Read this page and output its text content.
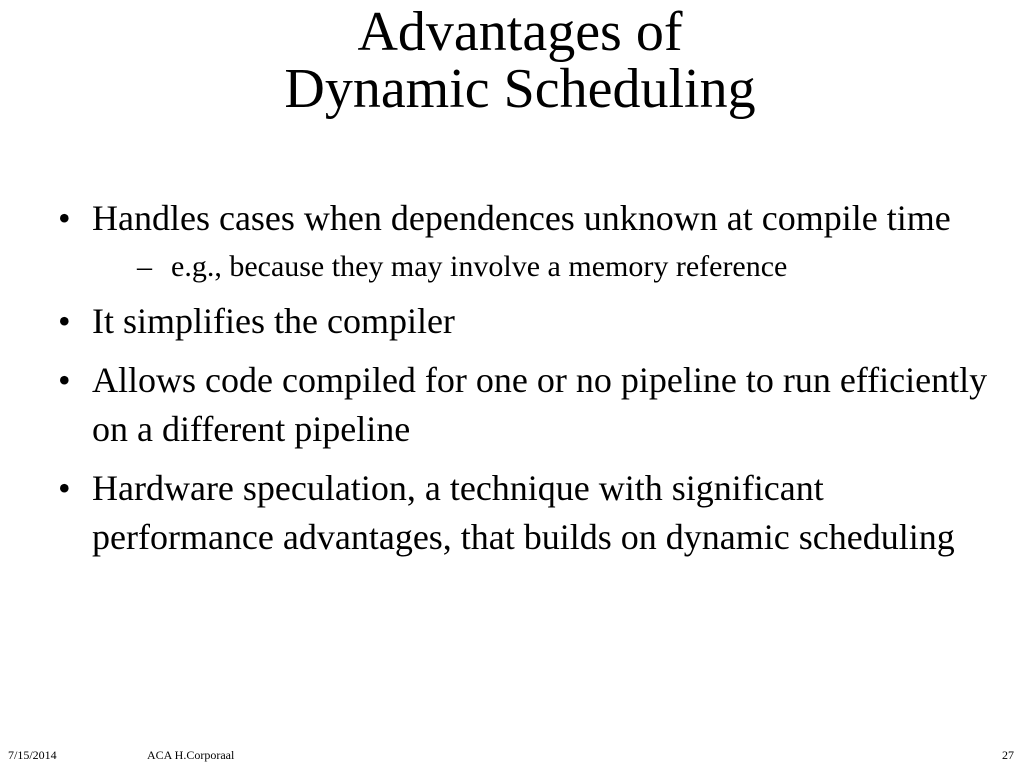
Advantages of
Dynamic Scheduling
• Handles cases when dependences unknown at compile time
– e.g., because they may involve a memory reference
• It simplifies the compiler
• Allows code compiled for one or no pipeline to run efficiently on a different pipeline
• Hardware speculation, a technique with significant performance advantages, that builds on dynamic scheduling
7/15/2014	ACA H.Corporaal	27
